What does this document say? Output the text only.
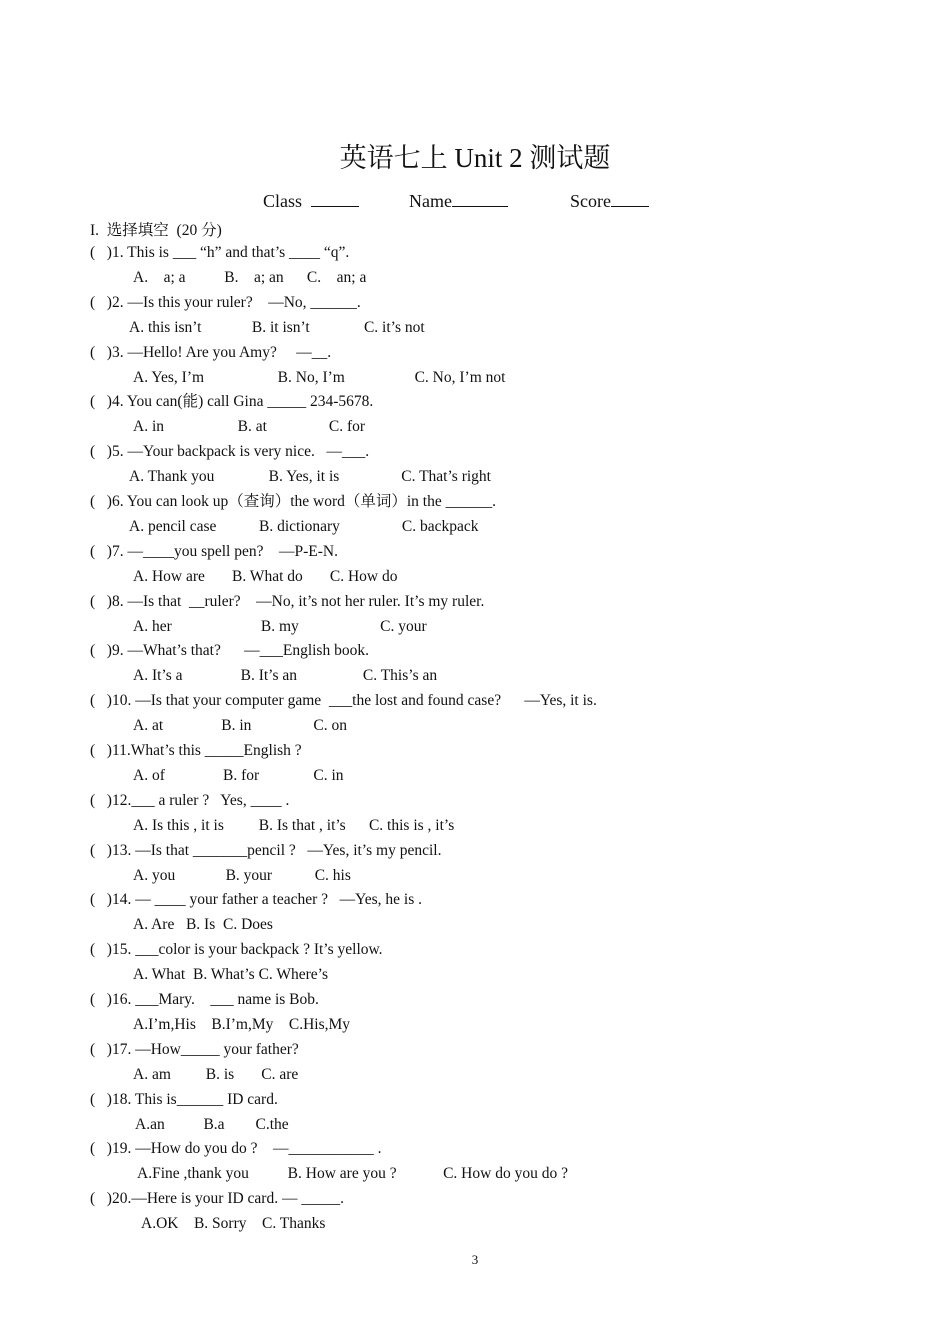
英语七上 Unit 2 测试题
Class	Name	Score
I.  选择填空  (20 分)
(   )1. This is ___ “h” and that’s ____ “q”.
A.    a; a          B.    a; an      C.    an; a
(   )2. —Is this your ruler?    —No, ______.
A. this isn’t             B. it isn’t              C. it’s not
(   )3. —Hello! Are you Amy?     —__.
A. Yes, I’m                   B. No, I’m                  C. No, I’m not
(   )4. You can(能) call Gina _____ 234-5678.
A. in                   B. at                C. for
(   )5. —Your backpack is very nice.   —___.
A. Thank you              B. Yes, it is                C. That’s right
(   )6. You can look up（查询）the word（单词）in the ______.
A. pencil case           B. dictionary                C. backpack
(   )7. —____you spell pen?    —P-E-N.
A. How are       B. What do       C. How do
(   )8. —Is that  __ruler?    —No, it’s not her ruler. It’s my ruler.
A. her                       B. my                     C. your
(   )9. —What’s that?      —___English book.
A. It’s a               B. It’s an                 C. This’s an
(   )10. —Is that your computer game  ___the lost and found case?      —Yes, it is.
A. at               B. in                C. on
(   )11.What’s this _____English ?
A. of               B. for              C. in
(   )12.___ a ruler ?   Yes, ____ .
A. Is this , it is         B. Is that , it’s      C. this is , it’s
(   )13. —Is that _______pencil ?   —Yes, it’s my pencil.
A. you             B. your           C. his
(   )14. — ____ your father a teacher ?   —Yes, he is .
A. Are   B. Is  C. Does
(   )15. ___color is your backpack ? It’s yellow.
A. What  B. What’s C. Where’s
(   )16. ___Mary.    ___ name is Bob.
A.I’m,His    B.I’m,My    C.His,My
(   )17. —How_____ your father?
A. am         B. is       C. are
(   )18. This is______ ID card.
A.an          B.a        C.the
(   )19. —How do you do ?    —___________ .
A.Fine ,thank you          B. How are you ?            C. How do you do ?
(   )20.—Here is your ID card. — _____.
A.OK    B. Sorry    C. Thanks
3
